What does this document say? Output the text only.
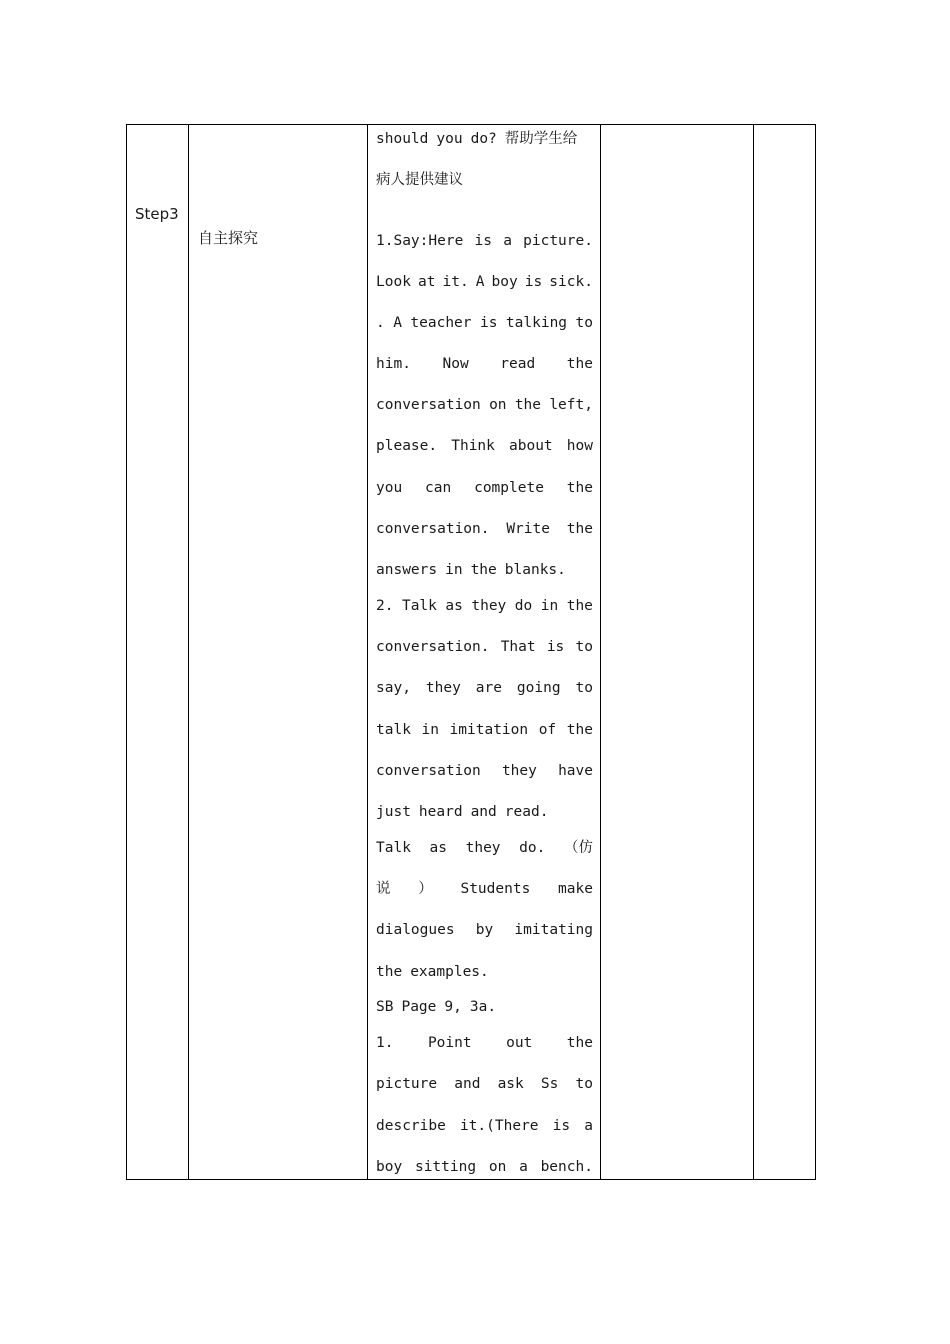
Step3
自主探究
should you do? 帮助学生给
病人提供建议
1.Say:Here is a picture.
Look at it. A boy is sick.
. A teacher is talking to
him. Now read the
conversation on the left,
please. Think about how
you can complete the
conversation. Write the
answers in the blanks.
2. Talk as they do in the
conversation. That is to
say, they are going to
talk in imitation of the
conversation they have
just heard and read.
Talk as they do. （仿
说 ） Students make
dialogues by imitating
the examples.
SB Page 9, 3a.
1. Point out the
picture and ask Ss to
describe it.(There is a
boy sitting on a bench.
